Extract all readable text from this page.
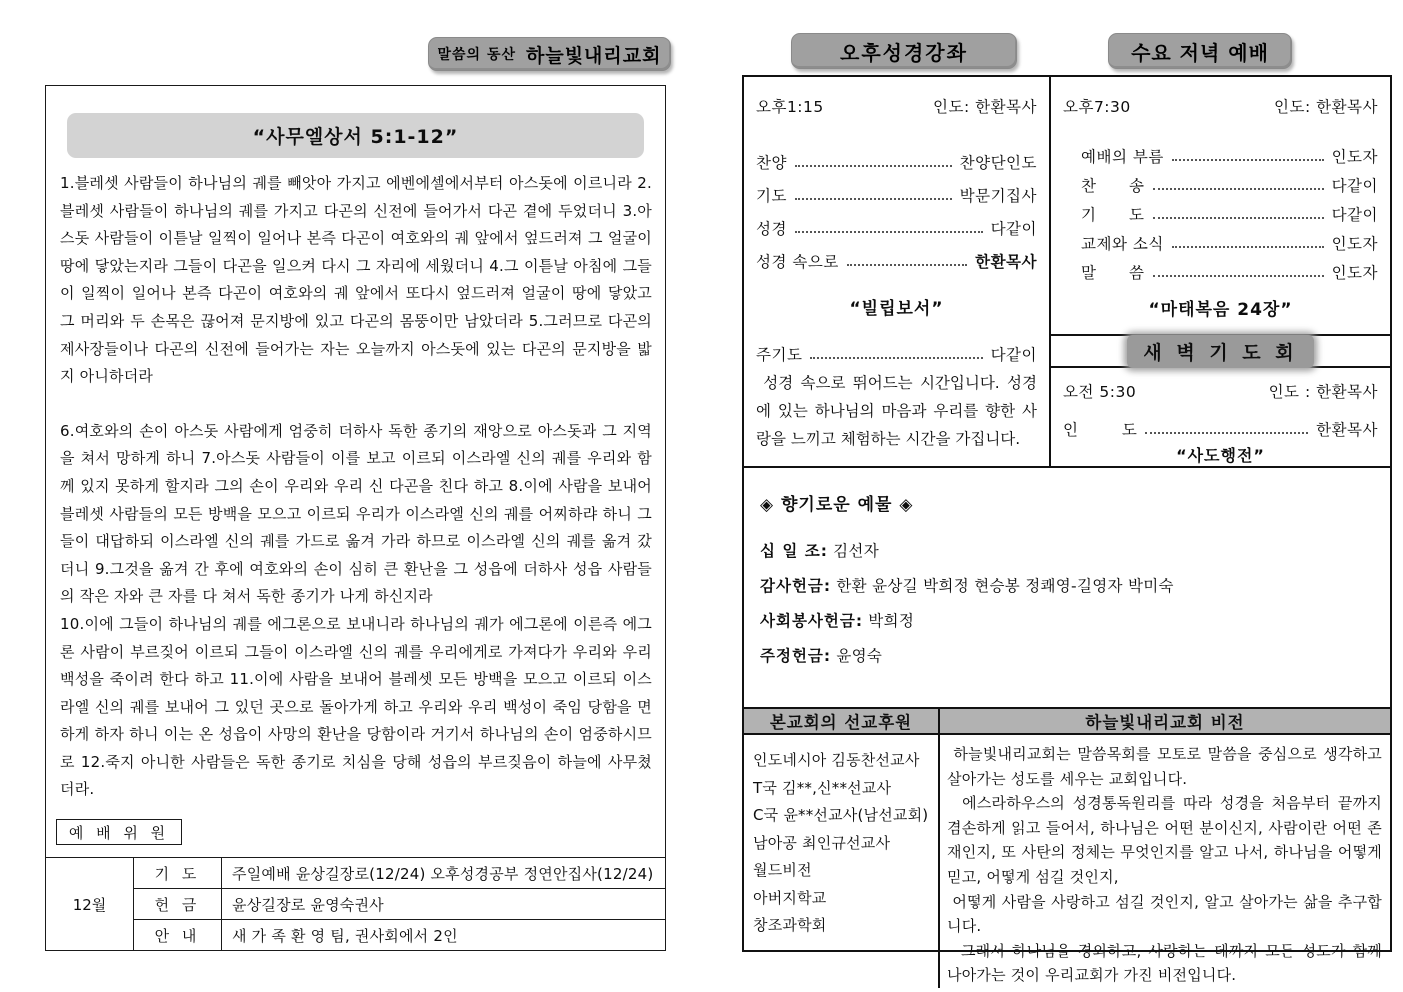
말씀의 동산 하늘빛내리교회	오후성경강좌	수요 저녁 예배
“사무엘상서 5:1-12”

1.블레셋 사람들이 하나님의 궤를 빼앗아 가지고 에벤에셀에서부터 아스돗에 이르니라 2.블레셋 사람들이 하나님의 궤를 가지고 다곤의 신전에 들어가서 다곤 곁에 두었더니 3.아스돗 사람들이 이튿날 일찍이 일어나 본즉 다곤이 여호와의 궤 앞에서 엎드러져 그 얼굴이 땅에 닿았는지라 그들이 다곤을 일으켜 다시 그 자리에 세웠더니 4.그 이튿날 아침에 그들이 일찍이 일어나 본즉 다곤이 여호와의 궤 앞에서 또다시 엎드러져 얼굴이 땅에 닿았고 그 머리와 두 손목은 끊어져 문지방에 있고 다곤의 몸뚱이만 남았더라 5.그러므로 다곤의 제사장들이나 다곤의 신전에 들어가는 자는 오늘까지 아스돗에 있는 다곤의 문지방을 밟지 아니하더라

6.여호와의 손이 아스돗 사람에게 엄중히 더하사 독한 종기의 재앙으로 아스돗과 그 지역을 쳐서 망하게 하니 7.아스돗 사람들이 이를 보고 이르되 이스라엘 신의 궤를 우리와 함께 있지 못하게 할지라 그의 손이 우리와 우리 신 다곤을 친다 하고 8.이에 사람을 보내어 블레셋 사람들의 모든 방백을 모으고 이르되 우리가 이스라엘 신의 궤를 어찌하랴 하니 그들이 대답하되 이스라엘 신의 궤를 가드로 옮겨 가라 하므로 이스라엘 신의 궤를 옮겨 갔더니 9.그것을 옮겨 간 후에 여호와의 손이 심히 큰 환난을 그 성읍에 더하사 성읍 사람들의 작은 자와 큰 자를 다 쳐서 독한 종기가 나게 하신지라

10.이에 그들이 하나님의 궤를 에그론으로 보내니라 하나님의 궤가 에그론에 이른즉 에그론 사람이 부르짖어 이르되 그들이 이스라엘 신의 궤를 우리에게로 가져다가 우리와 우리 백성을 죽이려 한다 하고 11.이에 사람을 보내어 블레셋 모든 방백을 모으고 이르되 이스라엘 신의 궤를 보내어 그 있던 곳으로 돌아가게 하고 우리와 우리 백성이 죽임 당함을 면하게 하자 하니 이는 온 성읍이 사망의 환난을 당함이라 거기서 하나님의 손이 엄중하시므로 12.죽지 아니한 사람들은 독한 종기로 치심을 당해 성읍의 부르짖음이 하늘에 사무쳤더라.

예 배 위 원
12월	기 도	주일예배 윤상길장로(12/24) 오후성경공부 정연안집사(12/24)
	헌 금	윤상길장로 윤영숙권사
	안 내	새 가 족 환 영 팀, 권사회에서 2인
오후1:15	인도: 한환목사
찬양	찬양단인도
기도	박문기집사
성경	다같이
성경 속으로	한환목사
“빌립보서”
주기도	다같이
성경 속으로 뛰어드는 시간입니다. 성경에 있는 하나님의 마음과 우리를 향한 사랑을 느끼고 체험하는 시간을 가집니다.
오후7:30	인도: 한환목사
예배의 부름	인도자
찬      송	다같이
기      도	다같이
교제와 소식	인도자
말      씀	인도자
“마태복음 24장”
새 벽 기 도 회
오전 5:30	인도 : 한환목사
인        도	한환목사
“사도행전”
◈ 향기로운 예물 ◈
십 일 조: 김선자
감사헌금: 한환 윤상길 박희정 현승봉 정쾌영-길영자 박미숙
사회봉사헌금: 박희정
주정헌금: 윤영숙
본교회의 선교후원	하늘빛내리교회 비전
인도네시아 김동찬선교사
T국 김**,신**선교사
C국 윤**선교사(남선교회)
남아공 최인규선교사
월드비전
아버지학교
창조과학회

하늘빛내리교회는 말씀목회를 모토로 말씀을 중심으로 생각하고 살아가는 성도를 세우는 교회입니다.

에스라하우스의 성경통독원리를 따라 성경을 처음부터 끝까지 겸손하게 읽고 들어서, 하나님은 어떤 분이신지, 사람이란 어떤 존재인지, 또 사탄의 정체는 무엇인지를 알고 나서, 하나님을 어떻게 믿고, 어떻게 섬길 것인지,

어떻게 사람을 사랑하고 섬길 것인지, 알고 살아가는 삶을 추구합니다.

그래서 하나님을 경외하고, 사랑하는 데까지 모든 성도가 함께 나아가는 것이 우리교회가 가진 비전입니다.
